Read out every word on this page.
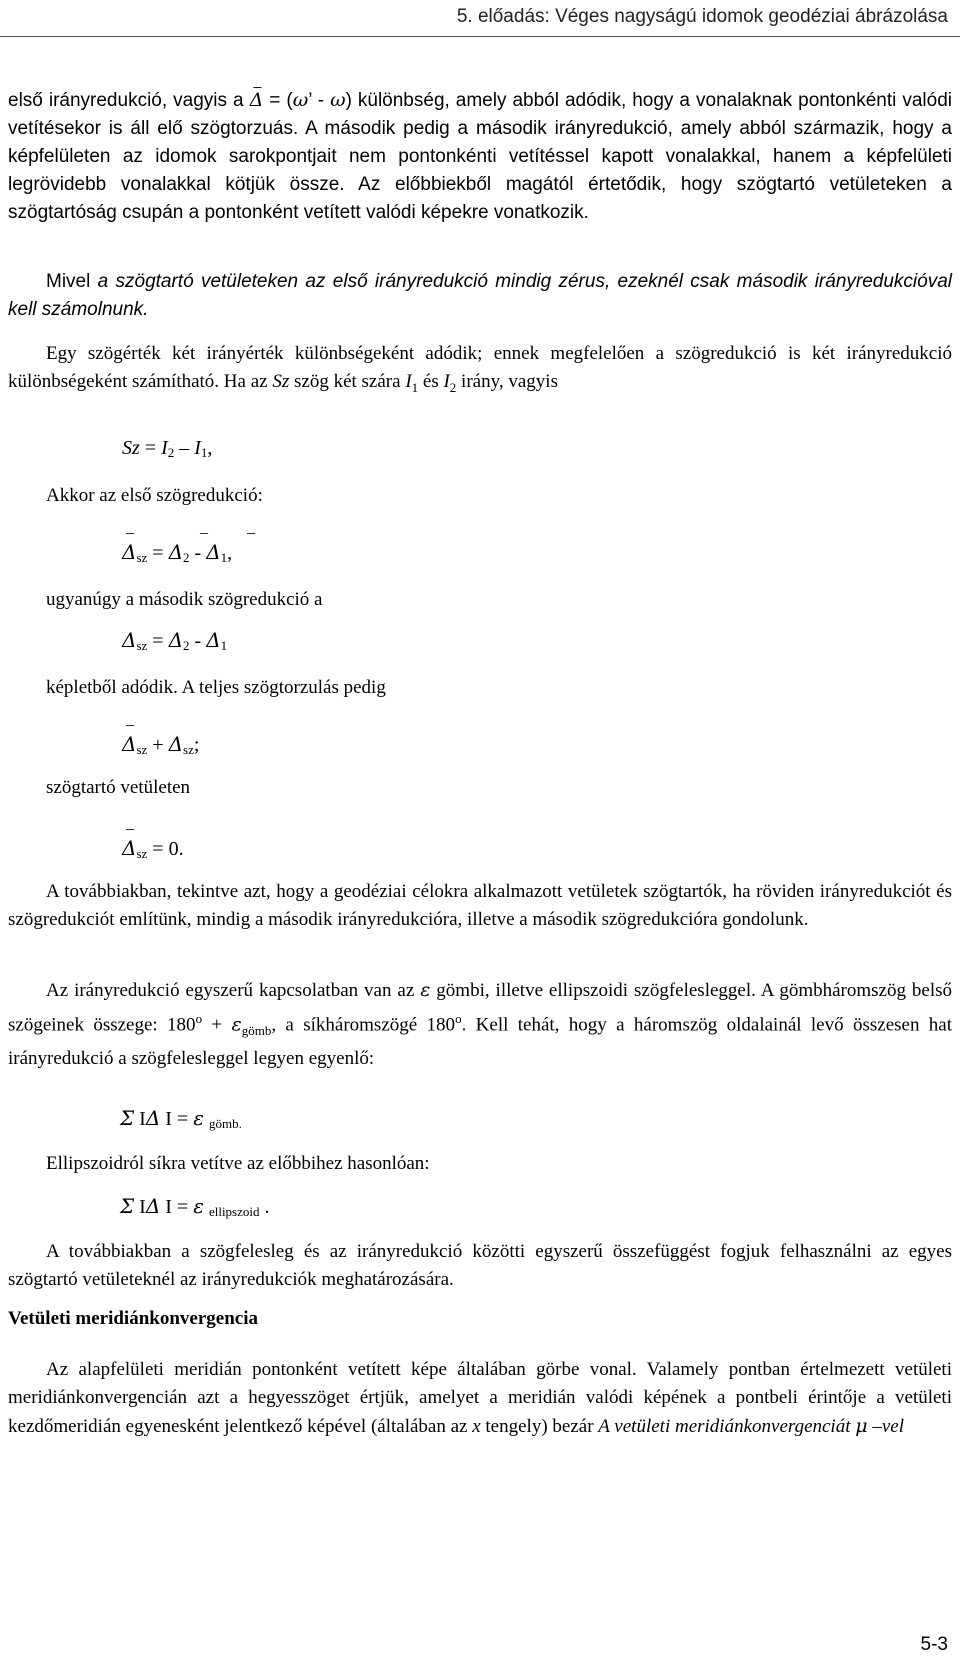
5. előadás: Véges nagyságú idomok geodéziai ábrázolása

első irányredukció, vagyis a
_
Δ = (ω’ - ω) különbség, amely abból adódik, hogy a vonalaknak pontonkénti valódi vetítésekor is áll elő szögtorzuás. A második pedig a második irányredukció, amely abból származik, hogy a képfelületen az idomok sarokpontjait nem pontonkénti vetítéssel kapott vonalakkal, hanem a képfelületi legrövidebb vonalakkal kötjük össze. Az előbbiekből magától értetődik, hogy szögtartó vetületeken a szögtartóság csupán a pontonként vetített valódi képekre vonatkozik.

Mivel a szögtartó vetületeken az első irányredukció mindig zérus, ezeknél csak második irányredukcióval kell számolnunk.

Egy szögérték két irányérték különbségeként adódik; ennek megfelelően a szögredukció is két irányredukció különbségeként számítható. Ha az Sz szög két szára $I_1$ és $I_2$ irány, vagyis

$Sz = I_2 - I_1$,
Akkor az első szögredukció:
_	_ _
$\Delta_{sz} = \Delta_2 - \Delta_1$,
ugyanúgy a második szögredukció a
$\Delta_{sz} = \Delta_2 - \Delta_1$
képletből adódik. A teljes szögtorzulás pedig
_
$\Delta_{sz} + \Delta_{sz}$;
szögtartó vetületen
_
$\Delta_{sz} = 0$.

A továbbiakban, tekintve azt, hogy a geodéziai célokra alkalmazott vetületek szögtartók, ha röviden irányredukciót és szögredukciót említünk, mindig a második irányredukcióra, illetve a második szögredukcióra gondolunk.

Az irányredukció egyszerű kapcsolatban van az ε gömbi, illetve ellipszoidi szögfelesleggel. A gömbháromszög belső szögeinek összege: $180^o + \varepsilon_{gömb}$, a síkháromszögé 180$^o$. Kell tehát, hogy a háromszög oldalainál levő összesen hat irányredukció a szögfelesleggel legyen egyenlő:

Σ IΔ I = ε $_{gömb.}$
Ellipszoidról síkra vetítve az előbbihez hasonlóan:
Σ IΔ I = ε $_{ellipszoid}$ .

A továbbiakban a szögfelesleg és az irányredukció közötti egyszerű összefüggést fogjuk felhasználni az egyes szögtartó vetületeknél az irányredukciók meghatározására.

Vetületi meridiánkonvergencia

Az alapfelületi meridián pontonként vetített képe általában görbe vonal. Valamely pontban értelmezett vetületi meridiánkonvergencián azt a hegyesszöget értjük, amelyet a meridián valódi képének a pontbeli érintője a vetületi kezdőmeridián egyenesként jelentkező képével (általában az x tengely) bezár A vetületi meridiánkonvergenciát μ –vel

5-3
